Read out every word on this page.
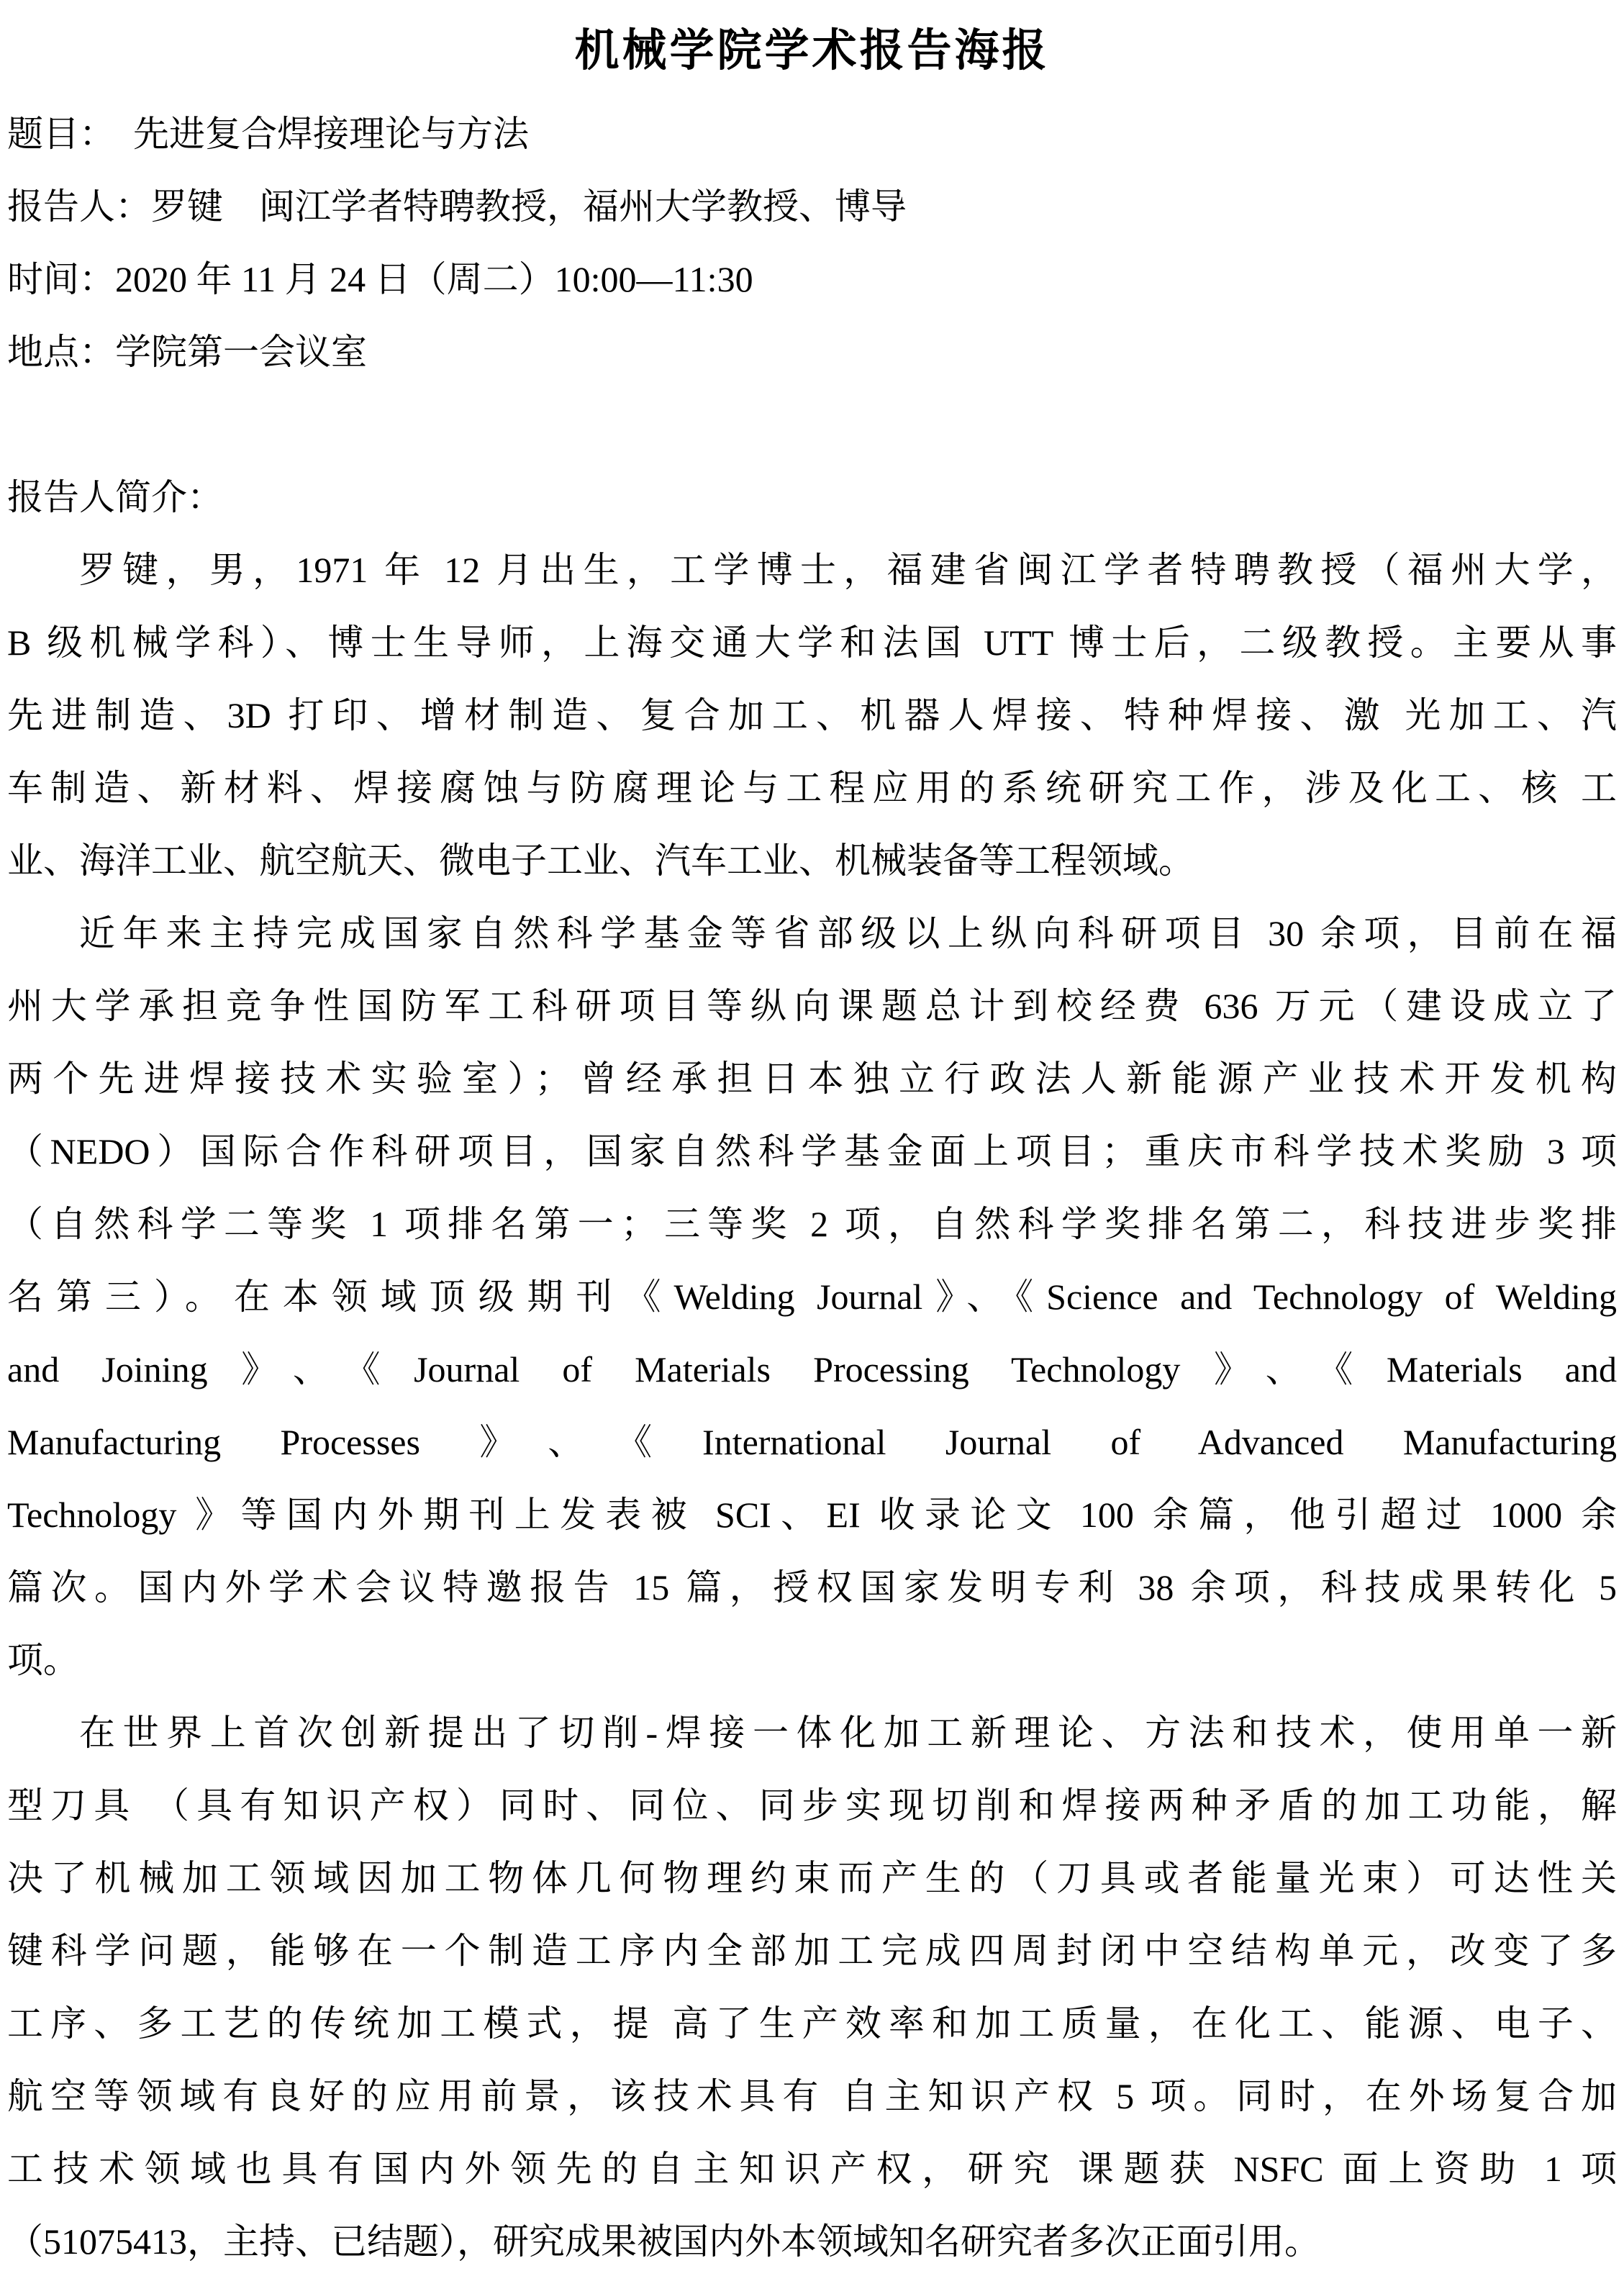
机械学院学术报告海报
题目：　先进复合焊接理论与方法
报告人：罗键　闽江学者特聘教授，福州大学教授、博导
时间：2020 年 11 月 24 日（周二）10:00—11:30
地点：学院第一会议室
报告人简介：
罗键，男，1971 年 12 月出生，工学博士，福建省闽江学者特聘教授（福州大学，
B 级机械学科）、博士生导师，上海交通大学和法国 UTT 博士后，二级教授。主要从事
先进制造、3D 打印、增材制造、复合加工、机器人焊接、特种焊接、激 光加工、汽
车制造、新材料、焊接腐蚀与防腐理论与工程应用的系统研究工作，涉及化工、核 工
业、海洋工业、航空航天、微电子工业、汽车工业、机械装备等工程领域。
近年来主持完成国家自然科学基金等省部级以上纵向科研项目 30 余项，目前在福
州大学承担竞争性国防军工科研项目等纵向课题总计到校经费 636 万元（建设成立了
两个先进焊接技术实验室）；曾经承担日本独立行政法人新能源产业技术开发机构
（NEDO）国际合作科研项目，国家自然科学基金面上项目；重庆市科学技术奖励 3 项
（自然科学二等奖 1 项排名第一；三等奖 2 项，自然科学奖排名第二，科技进步奖排
名第三）。在本领域顶级期刊《Welding Journal》、《Science and Technology of Welding
and Joining》、《Journal of Materials Processing Technology》、《Materials and
Manufacturing Processes 》、《International Journal of Advanced Manufacturing
Technology 》等国内外期刊上发表被 SCI、EI 收录论文 100 余篇，他引超过 1000 余
篇次。国内外学术会议特邀报告 15 篇，授权国家发明专利 38 余项，科技成果转化 5
项。
在世界上首次创新提出了切削-焊接一体化加工新理论、方法和技术，使用单一新
型刀具 （具有知识产权）同时、同位、同步实现切削和焊接两种矛盾的加工功能，解
决了机械加工领域因加工物体几何物理约束而产生的（刀具或者能量光束）可达性关
键科学问题，能够在一个制造工序内全部加工完成四周封闭中空结构单元，改变了多
工序、多工艺的传统加工模式，提 高了生产效率和加工质量，在化工、能源、电子、
航空等领域有良好的应用前景，该技术具有 自主知识产权 5 项。同时，在外场复合加
工技术领域也具有国内外领先的自主知识产权，研究 课题获 NSFC 面上资助 1 项
（51075413，主持、已结题），研究成果被国内外本领域知名研究者多次正面引用。
